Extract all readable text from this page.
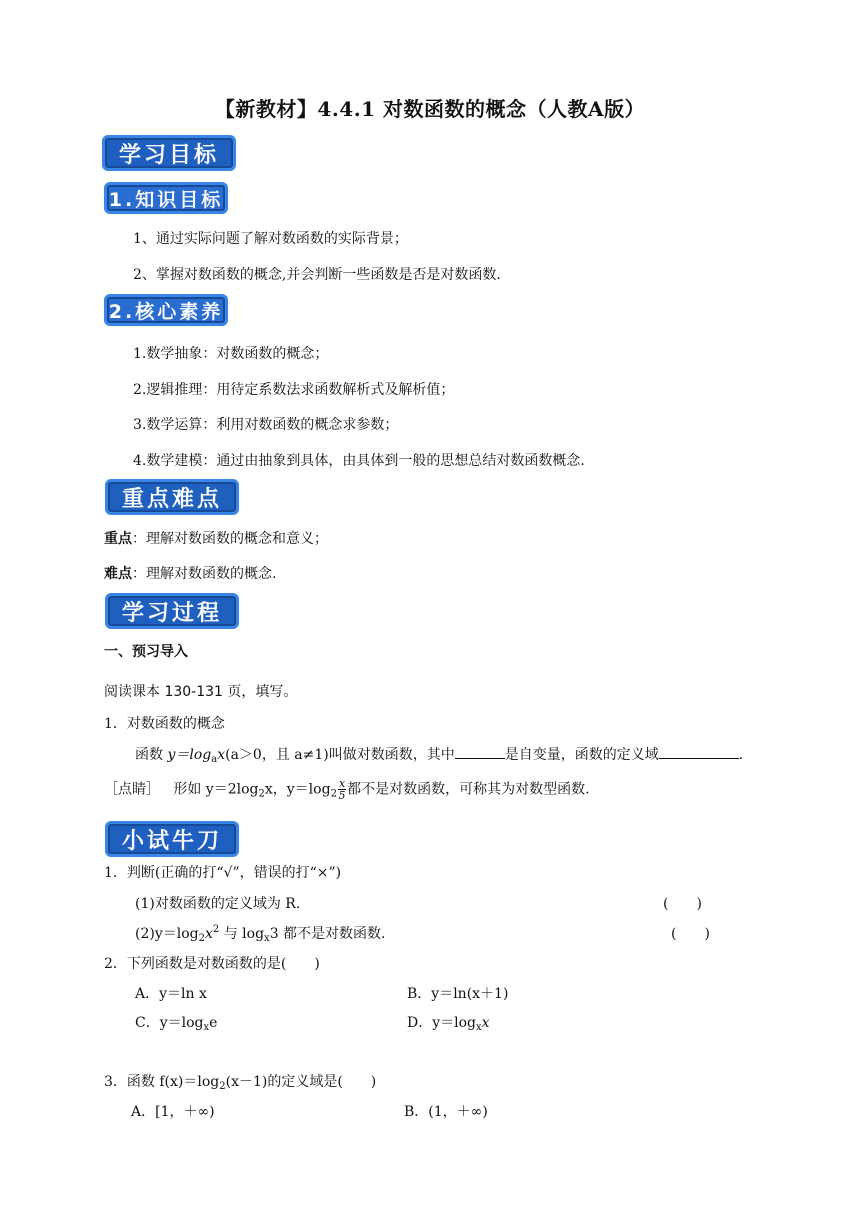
【新教材】4.4.1 对数函数的概念（人教A版）
学习目标
1.知识目标
1、通过实际问题了解对数函数的实际背景；
2、掌握对数函数的概念,并会判断一些函数是否是对数函数.
2.核心素养
1.数学抽象：对数函数的概念；
2.逻辑推理：用待定系数法求函数解析式及解析值；
3.数学运算：利用对数函数的概念求参数；
4.数学建模：通过由抽象到具体，由具体到一般的思想总结对数函数概念.
重点难点
重点：理解对数函数的概念和意义；
难点：理解对数函数的概念.
学习过程
一、预习导入
阅读课本 130-131 页，填写。
1．对数函数的概念
函数 $y=\log_ax(a>0$，且 a≠1)叫做对数函数，其中	是自变量，函数的定义域	.
［点睛］ 形如 $y=2\log_2x$，$y=\log_2 \frac{x}{5}$ 都不是对数函数，可称其为对数型函数.
小试牛刀
1．判断(正确的打“√”，错误的打“×”)
(1)对数函数的定义域为 R.	(　　)
$(2)y=\log_2x^2$ 与 $\log_x3$ 都不是对数函数.	(　　)
2．下列函数是对数函数的是(　　)
A．y＝ln x	B．y＝ln(x＋1)
C．$y=\log_xe$	D．$y=\log_xx$
3．函数 $f(x)=\log_2(x-1)$的定义域是(　　)
A．[1，＋∞)	B．(1，＋∞)
